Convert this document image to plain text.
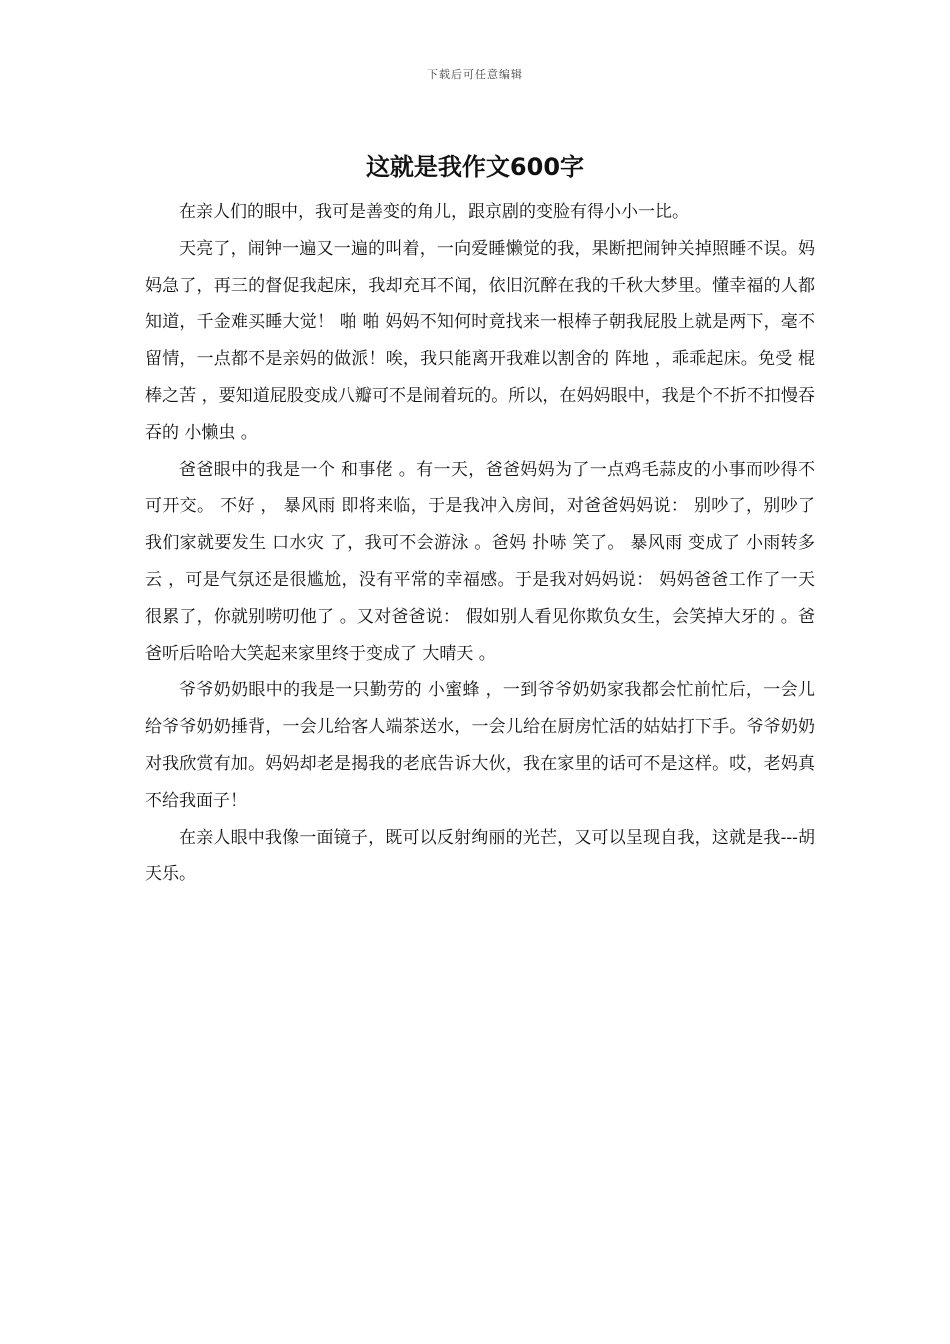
下载后可任意编辑
这就是我作文600字

在亲人们的眼中，我可是善变的角儿，跟京剧的变脸有得小小一比。

天亮了，闹钟一遍又一遍的叫着，一向爱睡懒觉的我，果断把闹钟关掉照睡不误。妈妈急了，再三的督促我起床，我却充耳不闻，依旧沉醉在我的千秋大梦里。懂幸福的人都知道，千金难买睡大觉！ 啪 啪 妈妈不知何时竟找来一根棒子朝我屁股上就是两下，毫不留情，一点都不是亲妈的做派！唉，我只能离开我难以割舍的 阵地 ，乖乖起床。免受 棍棒之苦 ，要知道屁股变成八瓣可不是闹着玩的。所以，在妈妈眼中，我是个不折不扣慢吞吞的 小懒虫 。

爸爸眼中的我是一个 和事佬 。有一天，爸爸妈妈为了一点鸡毛蒜皮的小事而吵得不可开交。 不好 ， 暴风雨 即将来临，于是我冲入房间，对爸爸妈妈说： 别吵了，别吵了我们家就要发生 口水灾 了，我可不会游泳 。爸妈 扑哧 笑了。 暴风雨 变成了 小雨转多云 ，可是气氛还是很尴尬，没有平常的幸福感。于是我对妈妈说： 妈妈爸爸工作了一天很累了，你就别唠叨他了 。又对爸爸说： 假如别人看见你欺负女生，会笑掉大牙的 。爸爸听后哈哈大笑起来家里终于变成了 大晴天 。

爷爷奶奶眼中的我是一只勤劳的 小蜜蜂 ，一到爷爷奶奶家我都会忙前忙后，一会儿给爷爷奶奶捶背，一会儿给客人端茶送水，一会儿给在厨房忙活的姑姑打下手。爷爷奶奶对我欣赏有加。妈妈却老是揭我的老底告诉大伙，我在家里的话可不是这样。哎，老妈真不给我面子！

在亲人眼中我像一面镜子，既可以反射绚丽的光芒，又可以呈现自我，这就是我---胡天乐。
